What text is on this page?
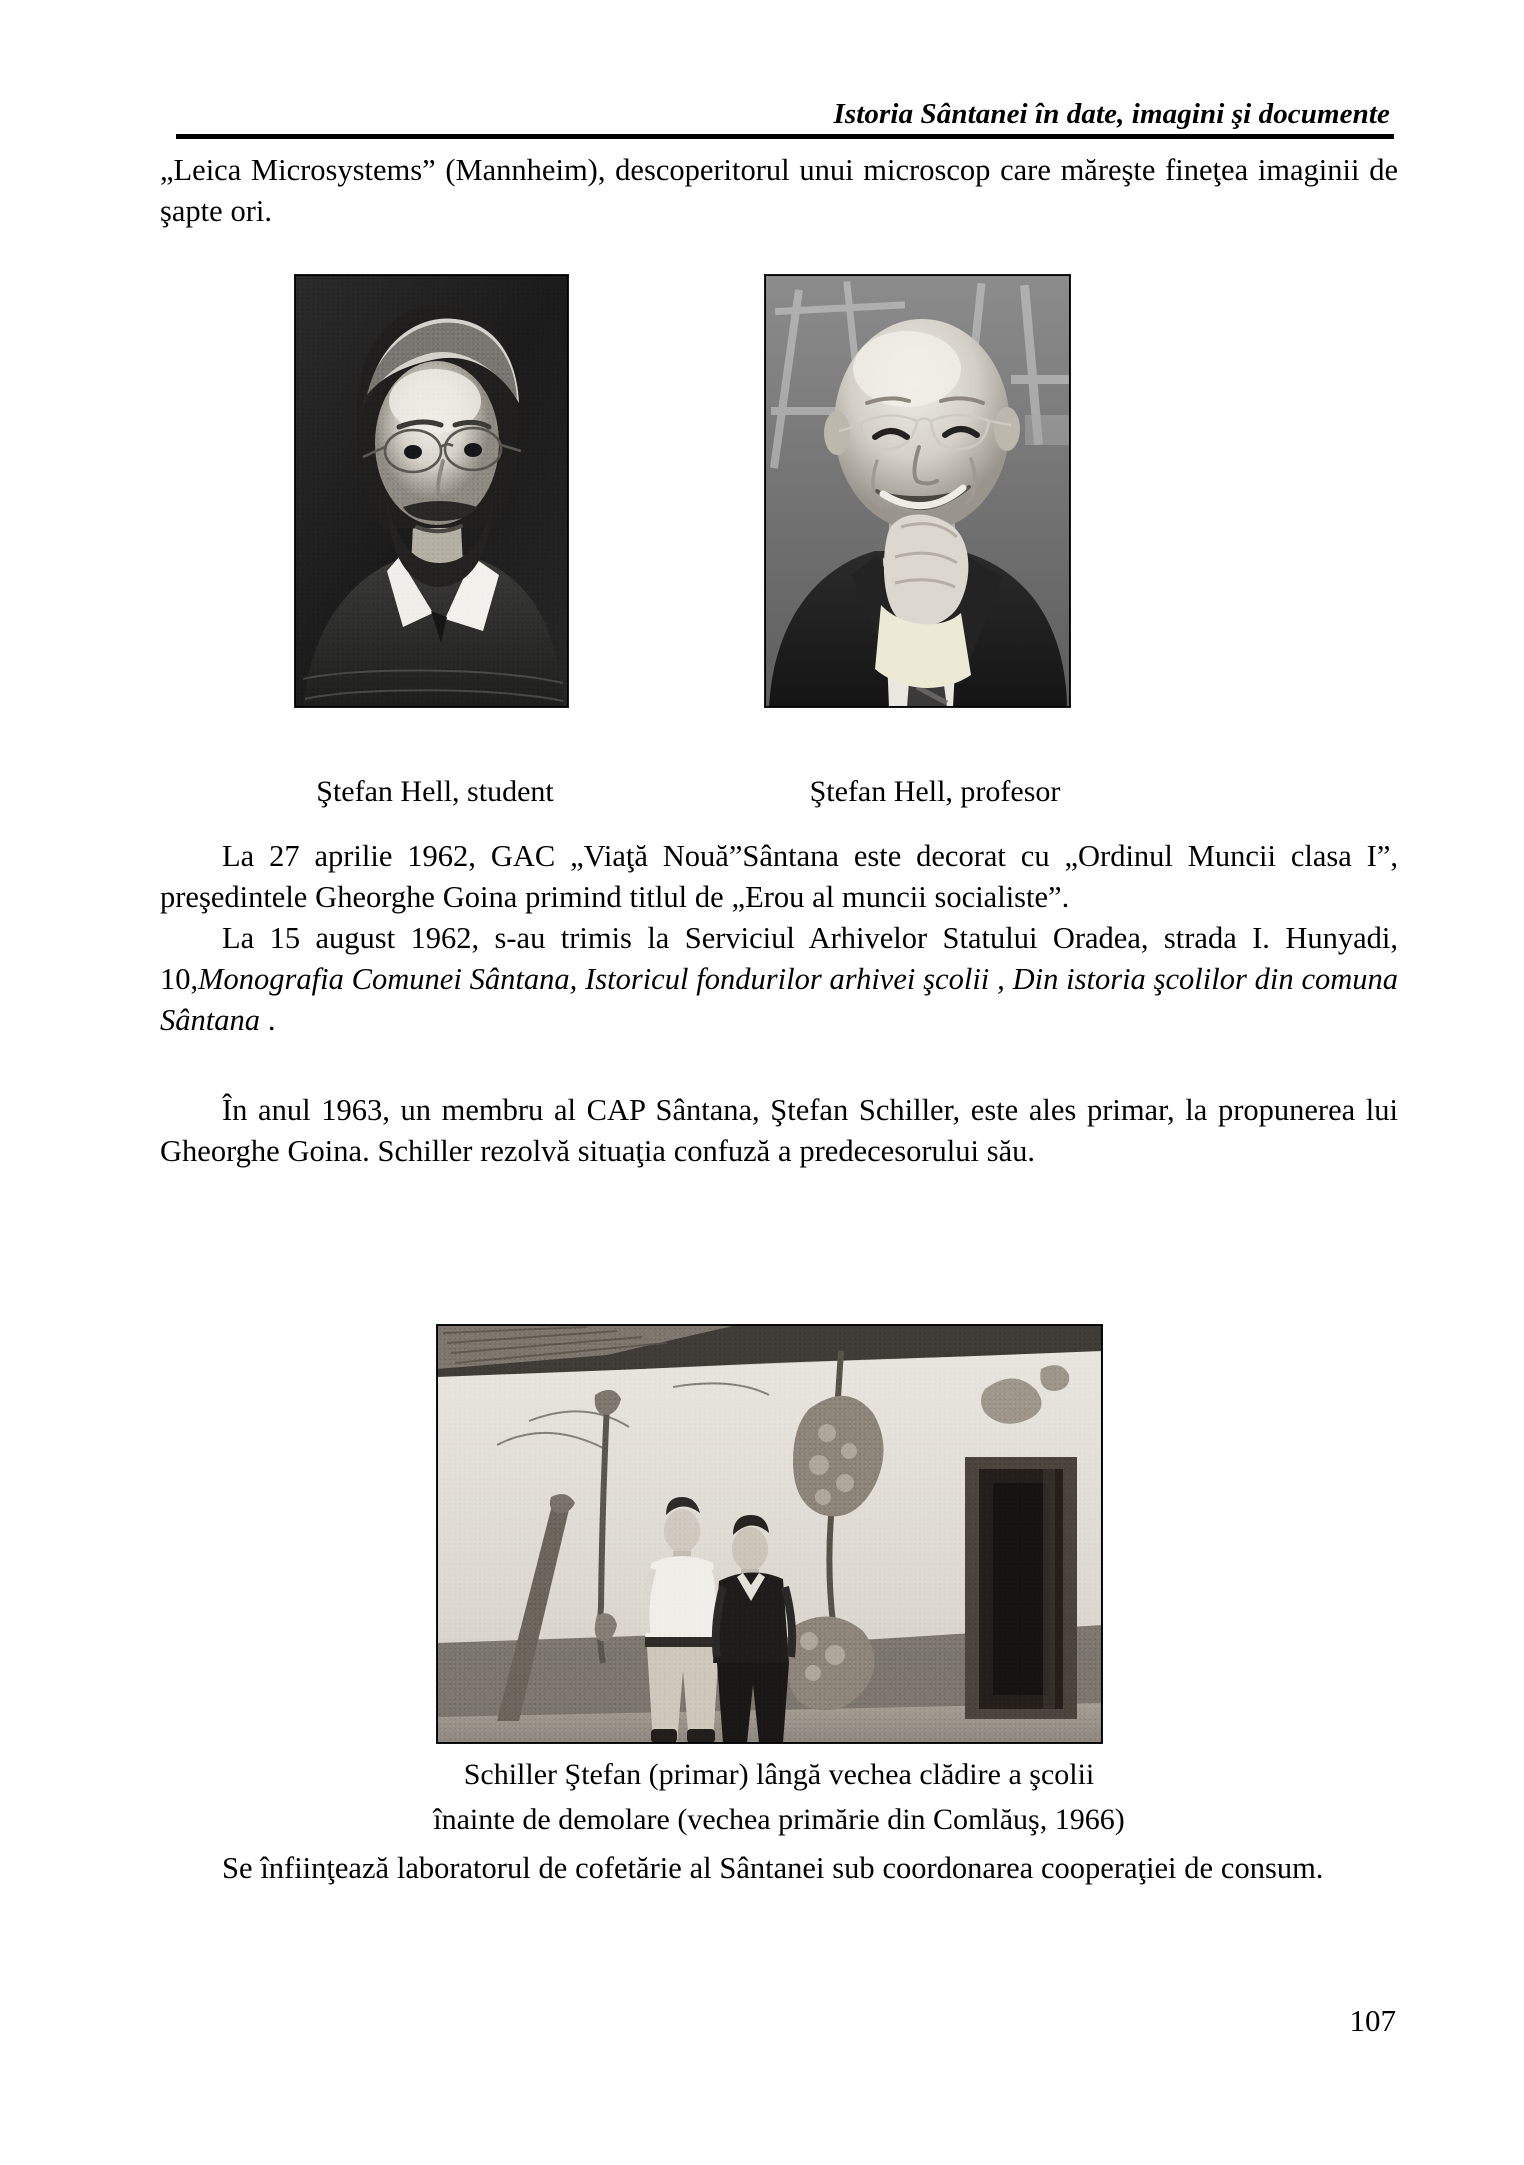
Istoria Sântanei în date, imagini şi documente

„Leica Microsystems” (Mannheim), descoperitorul unui microscop care măreşte fineţea imaginii de şapte ori.

Ştefan Hell, student	Ştefan Hell, profesor

La 27 aprilie 1962, GAC „Viaţă Nouă”Sântana este decorat cu „Ordinul Muncii clasa I”, preşedintele Gheorghe Goina primind titlul de „Erou al muncii socialiste”.

La 15 august 1962, s-au trimis la Serviciul Arhivelor Statului Oradea, strada I. Hunyadi, 10,Monografia Comunei Sântana, Istoricul fondurilor arhivei şcolii , Din istoria şcolilor din comuna Sântana .

În anul 1963, un membru al CAP Sântana, Ştefan Schiller, este ales primar, la propunerea lui Gheorghe Goina. Schiller rezolvă situaţia confuză a predecesorului său.

Schiller Ştefan (primar) lângă vechea clădire a şcolii
înainte de demolare (vechea primărie din Comlăuş, 1966)

Se înfiinţează laboratorul de cofetărie al Sântanei sub coordonarea cooperaţiei de consum.

107
